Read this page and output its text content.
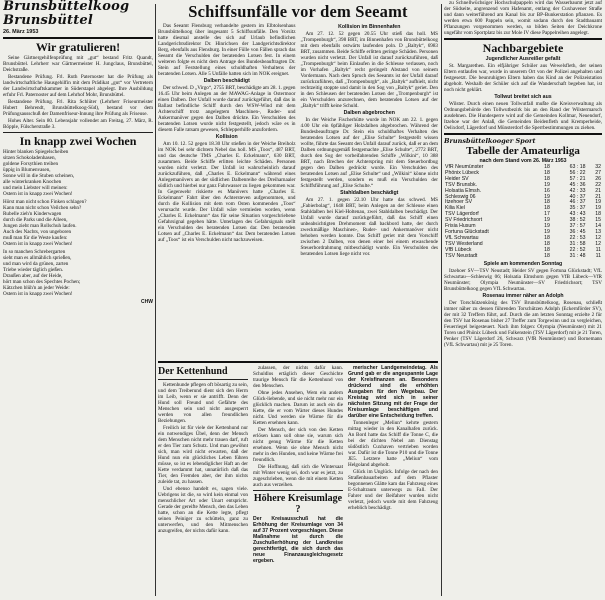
Brunsbüttelkoog
Brunsbüttel
26. März 1953
Wir gratulieren!

Seine Gärtnergehilfenprüfung mit „gut“ bestand Fritz Quandt, Brunsbüttel. Lehrherr war Gärtnermeister H. Jungclaus, Brunsbüttel, Deichstraße.

Bestandene Prüfung. Frl. Ruth Paternoster hat die Prüfung als landwirtschaftliche Hausgehilfin mit dem Prädikat „gut“ vor Vertretern der Landwirtschaftskammer in Süderstapel abgelegt. Ihre Ausbildung erfuhr Frl. Paternoster auf dem Lehrhof Mohr, Brunsbüttel.

Bestandene Prüfung. Frl. Rita Schlüter (Lehrherr Friseurmeister Hubert Behrendt, Brunsbüttelkoog-Süd), bestand vor dem Prüfungsausschuß der Damenfriseur-Innung ihre Prüfung als Friseuse.

Hohes Alter. Sein 80. Lebensjahr vollendet am Freitag, 27. März, R. Böpple, Fülscherstraße 3.

In knapp zwei Wochen

Hinter blanken Spiegelscheiben

sitzen Schokoladenhasen,

goldene Forsythien treiben

üppig in Blumenvasen,

Sonne will in die Stuben scheinen,

alle winterkranken Knochen

und mein Liebster will meinen:

Ostern ist in knapp zwei Wochen!

Hörst man nicht schon Finken schlagen?

Kann man nicht schon Veilchen sehn?

Rubelle zieh'n Kinderwagen

durch die Parks und die Alleen,

Jungen zieht man Rollschuh laufen.

Auch des Nachts, von ungeboren

muß man für die Weste kaufen:

Ostern ist in knapp zwei Wochen!

In so manchen Schrebergarten

sieht man es allmählich sprießen,

und man wird da grünen, zarten

Triebe wieder täglich gießen.

Draußen aber, auf der Heide,

hört man schon des Spechtes Pochen;

Kätzchen blüh'n an jeder Weide:

Ostern ist in knapp zwei Wochen!

CHW
Schiffsunfälle vor dem Seeamt

Das Seeamt Flensburg verhandelte gestern im Elbtolsenhaus Brunsbüttelkoog über insgesamt 5 Schiffsunfälle. Den Vorsitz hatte diesmal anstelle des sich auf Urlaub befindlichen Landgerichtsdirektor Dr. Hinrichsen der Landgerichtsdirektor Berg, ebenfalls aus Flensburg. In einer Fülle von Fällen sprach das Seeamt die Verschulden der beratenden Lotsen fest. In einem weiteren folgte es nicht dem Antrage des Bundesbeauftragten Dr. Stein auf Feststellung eines schuldhaften Verhaltens der beratenden Lotsen. Alle 5 Unfälle hatten sich im NOK ereignet.

Dalben beschädigt

Der schwed. D „Virgo“, 2755 BRT, beschädigte am 28. 1. gegen 16.45 Uhr beim Anlegen an der MAWAG-Anlage in Ostermoor einen Dalben. Der Unfall wurde darauf zurückgeführt, daß das in Ballast befindliche Schiff durch den WSW-Wind mit dem Achterschiff trotz angelegtem Maschinen-, Ruder- und Ankermanöver gegen den Dalben drückte. Ein Verschulden des beratenden Lotsen wurde nicht festgestellt, jedoch wäre es in diesem Falle ratsam gewesen, Schlepperhilfe anzufordern.

Kollision

Am 10. 12. 52 gegen 18.30 Uhr stießen in der Weiche Breiholz im NOK bei sehr dichtem Nebel das holl. MS „Toos“, 487 BRT, und das deutsche TMS „Charles E. Eckelmann“, 630 BRT, zusammen. Beide Schiffe erlitten leichte Schäden. Personen wurden nicht verletzt. Der Unfall ist wahrscheinlich darauf zurückzuführen, daß „Charles E. Eckelmann“ während eines Anlegemanövers an der südlichen Dalbenreihe des Dreiharnaaler südlich und hierbei nur ganz Fahrwasser zu liegen gekommen war. In Gegenwehr riskierte es Manövers hatte „Charles E. Eckelmann“ Fahrt über den Achtersteven aufgenommen, und durch die Kollision mit dem vom Osten kommenden „Toos“ verursacht wurde. Der Unfall wäre vermieden worden, wenn „Charles E. Eckelmann“ das für seine Situation vorgeschriebene Gefahrsignal gegeben hätte. Unterlagen des Gefahrsignals stellt ein Verschulden des beratenden Lotsen dar. Den beratenden Lotsen auf „Charles E. Eckelmann“ dar. Dem beratenden Lotsen auf „Toos“ ist ein Verschulden nicht nachzuweisen.

Kollision im Binnenhafen

Am 27. 12. 52 gegen 20.55 Uhr stieß das holl. MS „Trompenburgh“, 398 BRT, im Binnenhafen von Brunsbüttelkoog mit dem ebenfalls ostwärts laufenden poln. D „Baltyk“, 6983 BRT, zusammen. Beide Schiffe erlitten geringe Schäden. Personen wurden nicht verletzt. Der Unfall ist darauf zurückzuführen, daß „Trompenburgh“ beim Einlaufen in die Schleuse verlassen, noch im Vorhafen „Baltyk“ recht geringelt Abstand von seinem Vordermann. Nach dem Spruch des Seeamts ist der Unfall darauf zurückzuführen, daß „Trompenburgh“, als „Baltyk“ aufhielt, nicht rechtzeitig stoppte und damit in den Sog von „Baltyk“ geriet. Den in den Schleusen der beratenden Lotsen der „Trompenburgh“ ist ein Verschulden anzurechnen, dem beratenden Lotsen auf der „Baltyk“ trifft keine Schuld.

Dalben abgebrochen

In der Weiche Fischerhütte wurde im NOK am 22. 1. gegen 4.00 Uhr ein 6pfähliger Holzdalben abgebrochen. Während der Bundesbeauftragte Dr. Stein ein schuldhaftes Verhalten des beratenden Lotsen auf der „Elise Schulte“ festgestellt wissen wollte, führte das Seeamt den Unfall darauf zurück, daß er an dem Dalben ordnungsgemäß festgemachte „Elise Schulte“, 2772 BRT, durch den Sog der vorbeifahrenden Schiffe „Wilkini“, 10 388 BRT, nach Brechen der Achterspring mit dem Steuerbordbug gegen den Dalben gedrückt wurde. Ein Verschulden des beratenden Lotsen auf „Elise Schulte“ und „Wilkini“ könne nicht festgestellt werden, sondern es muß ein Verschulden der Schiffsführung auf „Elise Schulte.“

Stahldalben beschädigt

Am 27. 1. gegen 22.10 Uhr hatte das schwed. MS „Fabierbolag“, 1648 BRT, beim Anlegen an der Schleuse einen Stahldalben bei Kiel-Holtenau, zwei Stahldalben beschädigt. Der Unfall wurde darauf zurückgeführt, daß das Schiff einen unbeabsichtigten Drehmoment daß backbord hatte, der durch zweckmäßige Maschinen-, Ruder- und Ankermanöver nicht behoben werden konnte. Das Schiff geriet mit dem Vorschiff zwischen 2 Dalben, von denen einer bei einem etwaschende Steuerbordrahmung mitbeschädigt wurde. Ein Verschulden des beratenden Lotsen liege nicht vor.

Der Kettenhund

Kettenhunde pflegen oft bösartig zu sein, und dem Treiberund dient sich den Herrn im Leib, wenn er sie antrifft. Denn der Hund soll Freund und Gefährte des Menschen sein und nicht ausgesperrt werden von allen freundlichen Beziehungen.

Freilich ist für viele der Kettenhund nur ein notwendiges Übel, denn der Mensch dem Menschen nicht mehr trauen darf, ruft er den Tier zum Schutz. Und man gewöhnt sich, man wird nicht erwarten, daß der Hund nun ein glückliches Leben führen müsse, so ist es lebendiglicher Haft an der Kette verdammt hat, unnatürlich daß das Tier, den Fremden aber, der ihm nichts zuleide tat, zu hassen.

Und ebenso handelt es, sagen viele. Uebrigens ist die, so wird kein einmal von menschlicher Art oder Unart entspricht. Gerade der gereifte Mensch, den das Leben hatte, schon an die Kette legte, pflegt seinen Peiniger zu schütteln, ganz zu unterwerfen, und den Mitmenschen anzugreifen, der nichts dafür kann.

zulassen, der nichts dafür kann. Schuldlos ertäglich dieser Geschichte traurige Mensch für die Kettenhund von den Menschen.

Ohne jedes Ansehen, Wem ein andern Glück-liebende, und sie nicht mehr nur ein glücklich machen. Darum ist auch ein die Kette, die er vom Wärter dieses Hundes nicht. Und werden sie Wärme für die Ketten ersehnen kann.

Der Mensch, der sich von den Ketten erlösen kann soll ohne sie, warum sich nicht genug Wärme für die Ketten ersehnen. Wenn sie ohne Mensch nicht mehr in den Hunden, und keine Wärme frei freundlich.

Die Hoffnung, daß sich die Wintersaat mit Winter wenig sei, doch war es jetzt, zu zugeschrieben, wenn die mit einem Ketten auch aus verzeihen.

Höhere Kreisumlage ?

Der Kreisausschuß hat die Erhöhung der Kreisumlage von 34 auf 37 Prozent vorgeschlagen. Diese Maßnahme ist durch die Zuschußerhöhung der Landkreise gerechtfertigt, die sich durch das neue Finanzausgleichsgesetz ergeben.

merischer Landgemeindetag. Als Grund gab er die angespannte Lage der Kreisfinanzen an. Besonders drückend sind die erhöhten Ausgaben für den Wegebau. Der Kreistag wird sich in seiner nächsten Sitzung mit der Frage der Kreisumlage beschäftigen und darüber eine Entscheidung treffen.

Tonnenleger „Meliun“ kehrte gestern mittag wieder in den Kanalhafen zurück. An Bord hatte das Schiff die Tonne C, die bei der dichten Nebel am Dienstag südöstlich Cuxhaven vertrieben worden war. Dafür ist die Tonne P10 und die Tonne JE5. Letztere hatte „Meliun“ vom Helgoland abgeholt.

Glück im Unglück. Infolge der nach den Straßenbauarbeiten auf dem Pflaster begonnenen Glätte kam das Fahrzeug eines E-Schaltraum unterwegs zu Fall. Der Fahrer und der Beifahrer wurden nicht verletzt, jedoch wurde mit dem Fahrzeug erheblich beschädigt.

zu Schnellwüchsiger Hochschulpappeln wird das Wasserbaumt jetzt auf der Südseite, angrenzend vom Hafenamt, entlang der Cuxhavener Straße und dann weiterführend am Kanal bis zur BP-Bunkerstation pflanzen. Es werden etwa 600 Pappeln sein, womit sodann durch den Stadtbauamt Pflanzungen vorgenommen werden, so bilden Seiten der Deichkrone ungefähr vom Sportplatz bis zur Mole IV diese Pappelreihen angelegt.

Nachbargebiete
Jugendlicher Ausreißer gefaßt

St. Margarethen. Ein elfjähriger Schüler aus Wewelsfleth, der seinen Eltern entlaufen war, wurde in unserem Ort von der Polizei angehalten und festgesetzt. Die beunruhigten Eltern haben das Kind an der Polizeistation abgeholt. Weshalb der Schüler sich auf die Wanderschaft begeben hat, ist noch nicht geklärt.

Tollwut breitet sich aus

Wilster. Durch einen neuen Tollwutfall mußte die Kreisverwaltung als Ordnungsbehörde den Tollwutbezirk bis an den Rand der Wilstermarsch ausdehnen. Die Hundesperre wird auf die Gemeinden Kollmar, Neuendorf, Itzehoe war der Anlaß, die Gemeinden Beidenfleth und Kremperheide, Oelixdorf, Lägerdorf und Münsterdorf die Sperrbestimmungen zu ziehen.

Brunsbüttelkooger Sport
Tabelle der Amateurliga
nach dem Stand vom 26. März 1953
VfR Neumünster	18	63 : 18	32
Phönix Lübeck	18	56 : 22	27
Heider SV	18	57 : 21	26
TSV Brunsbk.	19	45 : 36	22
Holsatia Elmsh.	16	42 : 33	21
Schleswig 06	19	40 : 37	21
Itzehoer SV	18	46 : 37	19
Kilia Kiel	18	35 : 37	19
TSV Lägerdorf	17	43 : 43	18
SV Friedrichsort	19	38 : 52	15
Frisia Husum	19	37 : 57	14
Fortuna Glückstadt	19	36 : 45	13
VfL Schwartau	18	22 : 53	12
TSV Westerland	18	31 : 58	12
VfB Lübeck	18	22 : 52	11
TSV Neustadt	18	31 : 48	11
Spiele am kommenden Sonntag

Itzehoer SV—TSV Neustadt; Heider SV gegen Fortuna Glückstadt; VfL Schwartau—Schleswig 06; Holsatia Elmshorn gegen VfB Lübeck—VfR Neumünster; Olympia Neumünster—SV Friedrichsort; TSV Brunsbüttelkoog gegen VfL Schwartau.

Rosenau immer näher an Adolph

Der Torschützenkönig des TSV Brunsbüttelkoog, Rosenau, schließt immer näher zu dessen führenden Torschützen Adolph (Eckernförder SV), der mit 32 Treffern führt, auf. Durch die am letzten Sonntag erzielte 2 für den TSV hat Rosenau bisher 27 Treffer zum Torgewinn und zu vergleichen, Feuerriegel beigesteuert. Nach ihm folgen: Olympia (Neumünster) mit 21 Toren und Phönix Lübeck und Falkenstein (TSV Lägerdorf) mit je 21 Toren, Penker (TSV Lägerdorf 26, Schwarz (VfR Neumünster) und Bornemann (VfL Schwartau) mit je 25 Toren.
